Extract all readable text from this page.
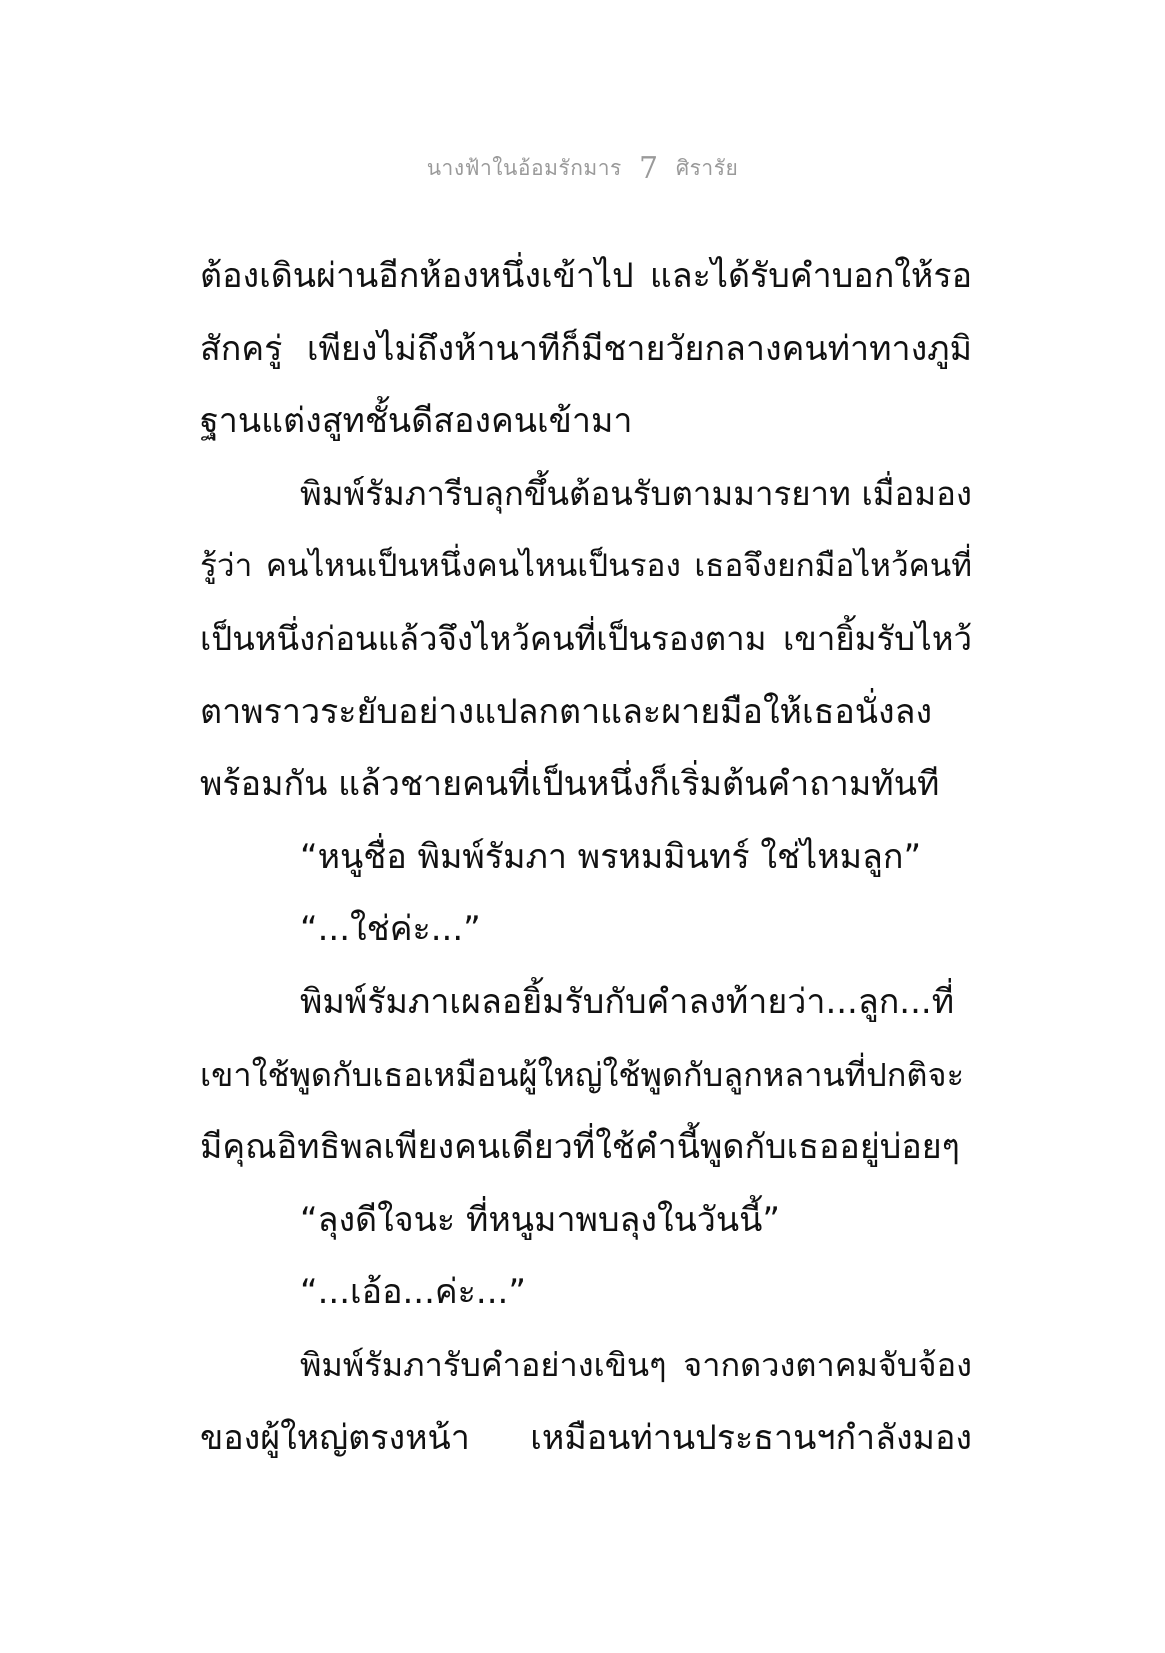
นางฟ้าในอ้อมรักมาร 7 ศิรารัย
ต้องเดินผ่านอีกห้องหนึ่งเข้าไป และได้รับคำบอกให้รอ
สักครู่ เพียงไม่ถึงห้านาทีก็มีชายวัยกลางคนท่าทางภูมิ
ฐานแต่งสูทชั้นดีสองคนเข้ามา
พิมพ์รัมภารีบลุกขึ้นต้อนรับตามมารยาท เมื่อมอง
รู้ว่า คนไหนเป็นหนึ่งคนไหนเป็นรอง เธอจึงยกมือไหว้คนที่
เป็นหนึ่งก่อนแล้วจึงไหว้คนที่เป็นรองตาม เขายิ้มรับไหว้
ตาพราวระยับอย่างแปลกตาและผายมือให้เธอนั่งลง
พร้อมกัน แล้วชายคนที่เป็นหนึ่งก็เริ่มต้นคำถามทันที
“หนูชื่อ พิมพ์รัมภา พรหมมินทร์ ใช่ไหมลูก”
“...ใช่ค่ะ...”
พิมพ์รัมภาเผลอยิ้มรับกับคำลงท้ายว่า...ลูก...ที่
เขาใช้พูดกับเธอเหมือนผู้ใหญ่ใช้พูดกับลูกหลานที่ปกติจะ
มีคุณอิทธิพลเพียงคนเดียวที่ใช้คำนี้พูดกับเธออยู่บ่อยๆ
“ลุงดีใจนะ ที่หนูมาพบลุงในวันนี้”
“...เอ้อ...ค่ะ...”
พิมพ์รัมภารับคำอย่างเขินๆ จากดวงตาคมจับจ้อง
ของผู้ใหญ่ตรงหน้า เหมือนท่านประธานฯกำลังมอง
